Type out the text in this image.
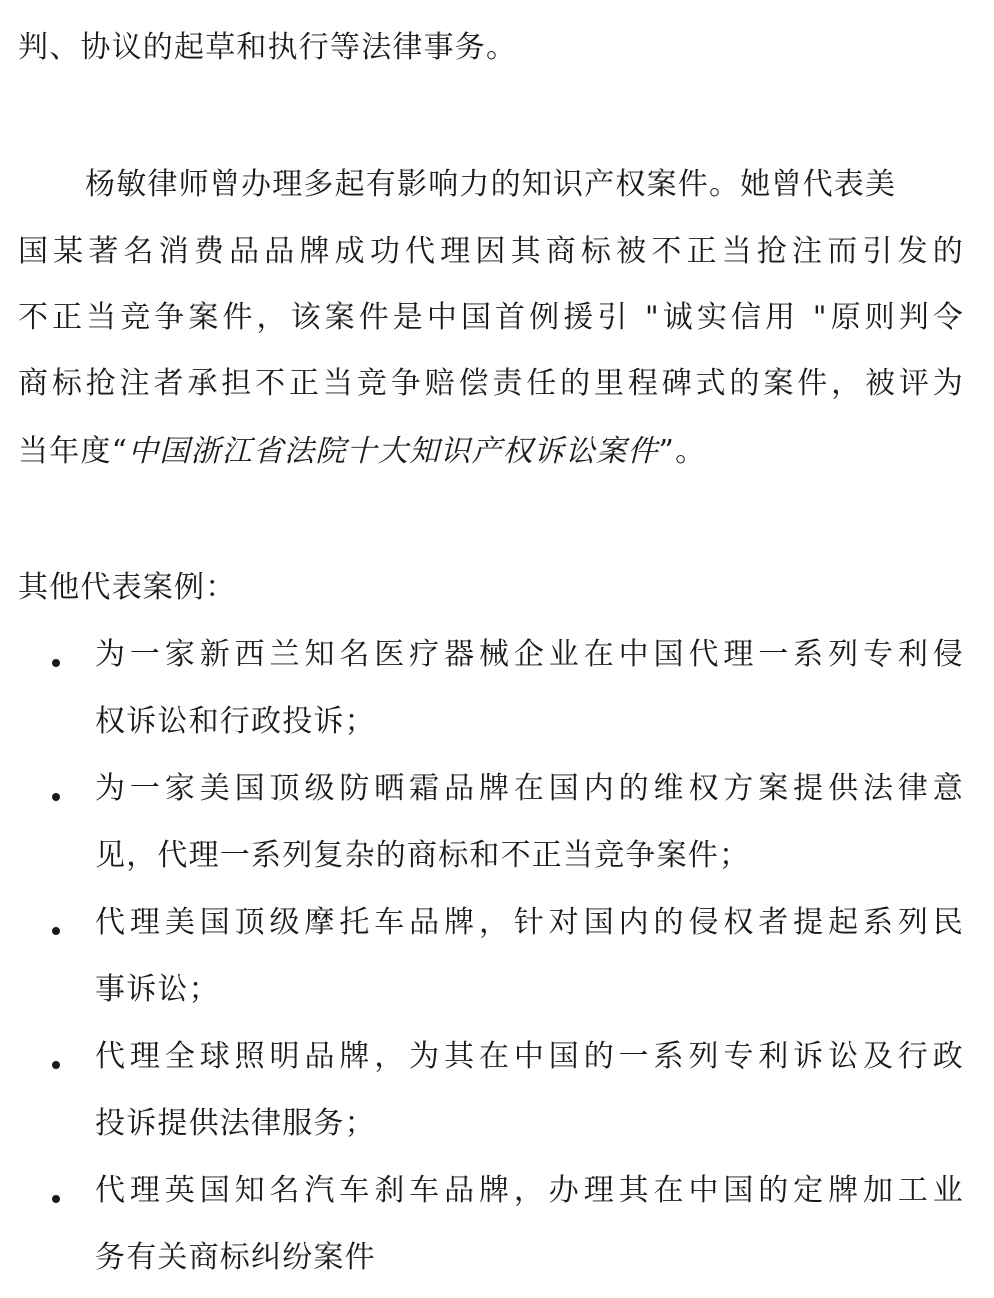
判、协议的起草和执行等法律事务。
杨敏律师曾办理多起有影响力的知识产权案件。她曾代表美
国某著名消费品品牌成功代理因其商标被不正当抢注而引发的
不正当竞争案件，该案件是中国首例援引 "诚实信用 "原则判令
商标抢注者承担不正当竞争赔偿责任的里程碑式的案件，被评为
当年度“中国浙江省法院十大知识产权诉讼案件”。
其他代表案例：
为一家新西兰知名医疗器械企业在中国代理一系列专利侵
权诉讼和行政投诉；
为一家美国顶级防晒霜品牌在国内的维权方案提供法律意
见，代理一系列复杂的商标和不正当竞争案件；
代理美国顶级摩托车品牌，针对国内的侵权者提起系列民
事诉讼；
代理全球照明品牌，为其在中国的一系列专利诉讼及行政
投诉提供法律服务；
代理英国知名汽车刹车品牌，办理其在中国的定牌加工业
务有关商标纠纷案件
